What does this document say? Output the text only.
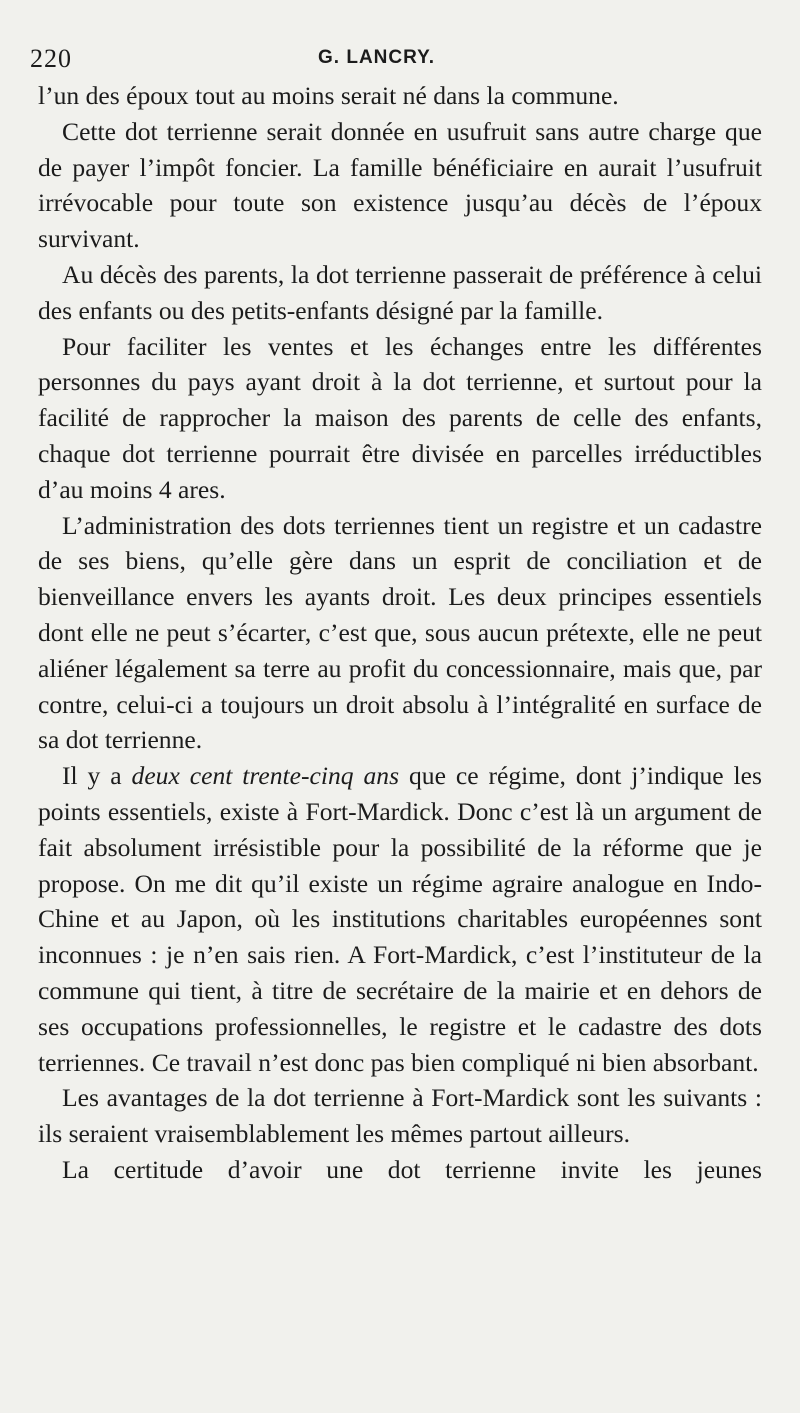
220	G. LANCRY.

l’un des époux tout au moins serait né dans la commune.

Cette dot terrienne serait donnée en usufruit sans autre charge que de payer l’impôt foncier. La famille bénéficiaire en aurait l’usufruit irrévocable pour toute son existence jusqu’au décès de l’époux survivant.

Au décès des parents, la dot terrienne passerait de préférence à celui des enfants ou des petits-enfants désigné par la famille.

Pour faciliter les ventes et les échanges entre les différentes personnes du pays ayant droit à la dot terrienne, et surtout pour la facilité de rapprocher la maison des parents de celle des enfants, chaque dot terrienne pourrait être divisée en parcelles irréductibles d’au moins 4 ares.

L’administration des dots terriennes tient un registre et un cadastre de ses biens, qu’elle gère dans un esprit de conciliation et de bienveillance envers les ayants droit. Les deux principes essentiels dont elle ne peut s’écarter, c’est que, sous aucun prétexte, elle ne peut aliéner légalement sa terre au profit du concessionnaire, mais que, par contre, celui-ci a toujours un droit absolu à l’intégralité en surface de sa dot terrienne.

Il y a deux cent trente-cinq ans que ce régime, dont j’indique les points essentiels, existe à Fort-Mardick. Donc c’est là un argument de fait absolument irrésistible pour la possibilité de la réforme que je propose. On me dit qu’il existe un régime agraire analogue en Indo-Chine et au Japon, où les institutions charitables européennes sont inconnues : je n’en sais rien. A Fort-Mardick, c’est l’instituteur de la commune qui tient, à titre de secrétaire de la mairie et en dehors de ses occupations professionnelles, le registre et le cadastre des dots terriennes. Ce travail n’est donc pas bien compliqué ni bien absorbant.

Les avantages de la dot terrienne à Fort-Mardick sont les suivants : ils seraient vraisemblablement les mêmes partout ailleurs.

La certitude d’avoir une dot terrienne invite les jeunes
